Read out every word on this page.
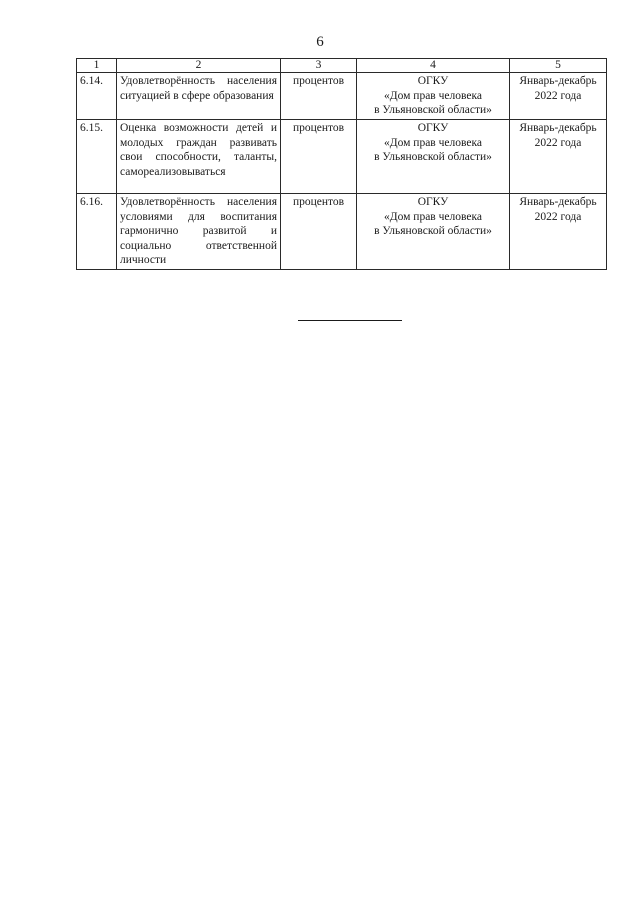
6
1	2	3	4	5
6.14.	Удовлетворённость населения ситуацией в сфере образования	процентов	ОГКУ
«Дом прав человека
в Ульяновской области»	Январь-декабрь
2022 года

6.15.	Оценка возможности детей и молодых граждан развивать свои способности, таланты, самореализовываться	процентов	ОГКУ
«Дом прав человека
в Ульяновской области»	Январь-декабрь
2022 года

6.16.	Удовлетворённость населения условиями для воспитания гармонично развитой и социально ответственной личности	процентов	ОГКУ
«Дом прав человека
в Ульяновской области»	Январь-декабрь
2022 года
